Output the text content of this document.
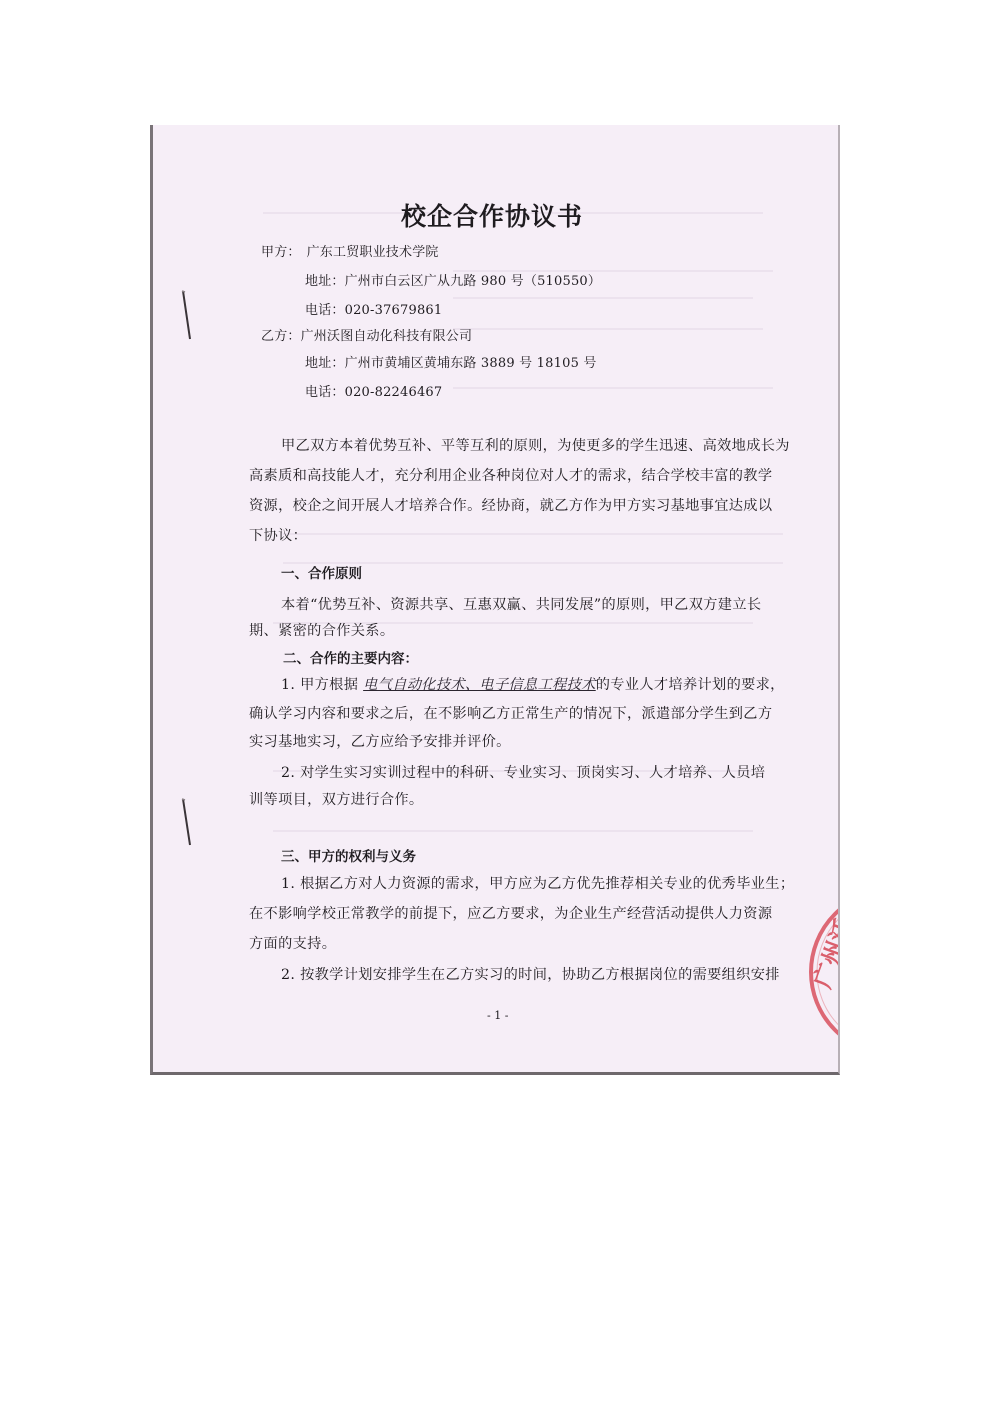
校企合作协议书
甲方： 广东工贸职业技术学院
地址：广州市白云区广从九路 980 号（510550）
电话：020-37679861
乙方：广州沃图自动化科技有限公司
地址：广州市黄埔区黄埔东路 3889 号 18105 号
电话：020-82246467
甲乙双方本着优势互补、平等互利的原则，为使更多的学生迅速、高效地成长为
高素质和高技能人才，充分利用企业各种岗位对人才的需求，结合学校丰富的教学
资源，校企之间开展人才培养合作。经协商，就乙方作为甲方实习基地事宜达成以
下协议：
一、合作原则
本着“优势互补、资源共享、互惠双赢、共同发展”的原则，甲乙双方建立长
期、紧密的合作关系。
二、合作的主要内容：
1. 甲方根据 电气自动化技术、电子信息工程技术的专业人才培养计划的要求，
确认学习内容和要求之后，在不影响乙方正常生产的情况下，派遣部分学生到乙方
实习基地实习，乙方应给予安排并评价。
2. 对学生实习实训过程中的科研、专业实习、顶岗实习、人才培养、人员培
训等项目，双方进行合作。
三、甲方的权利与义务
1. 根据乙方对人力资源的需求，甲方应为乙方优先推荐相关专业的优秀毕业生；
在不影响学校正常教学的前提下，应乙方要求，为企业生产经营活动提供人力资源
方面的支持。
2. 按教学计划安排学生在乙方实习的时间，协助乙方根据岗位的需要组织安排
- 1 -
广州沃
